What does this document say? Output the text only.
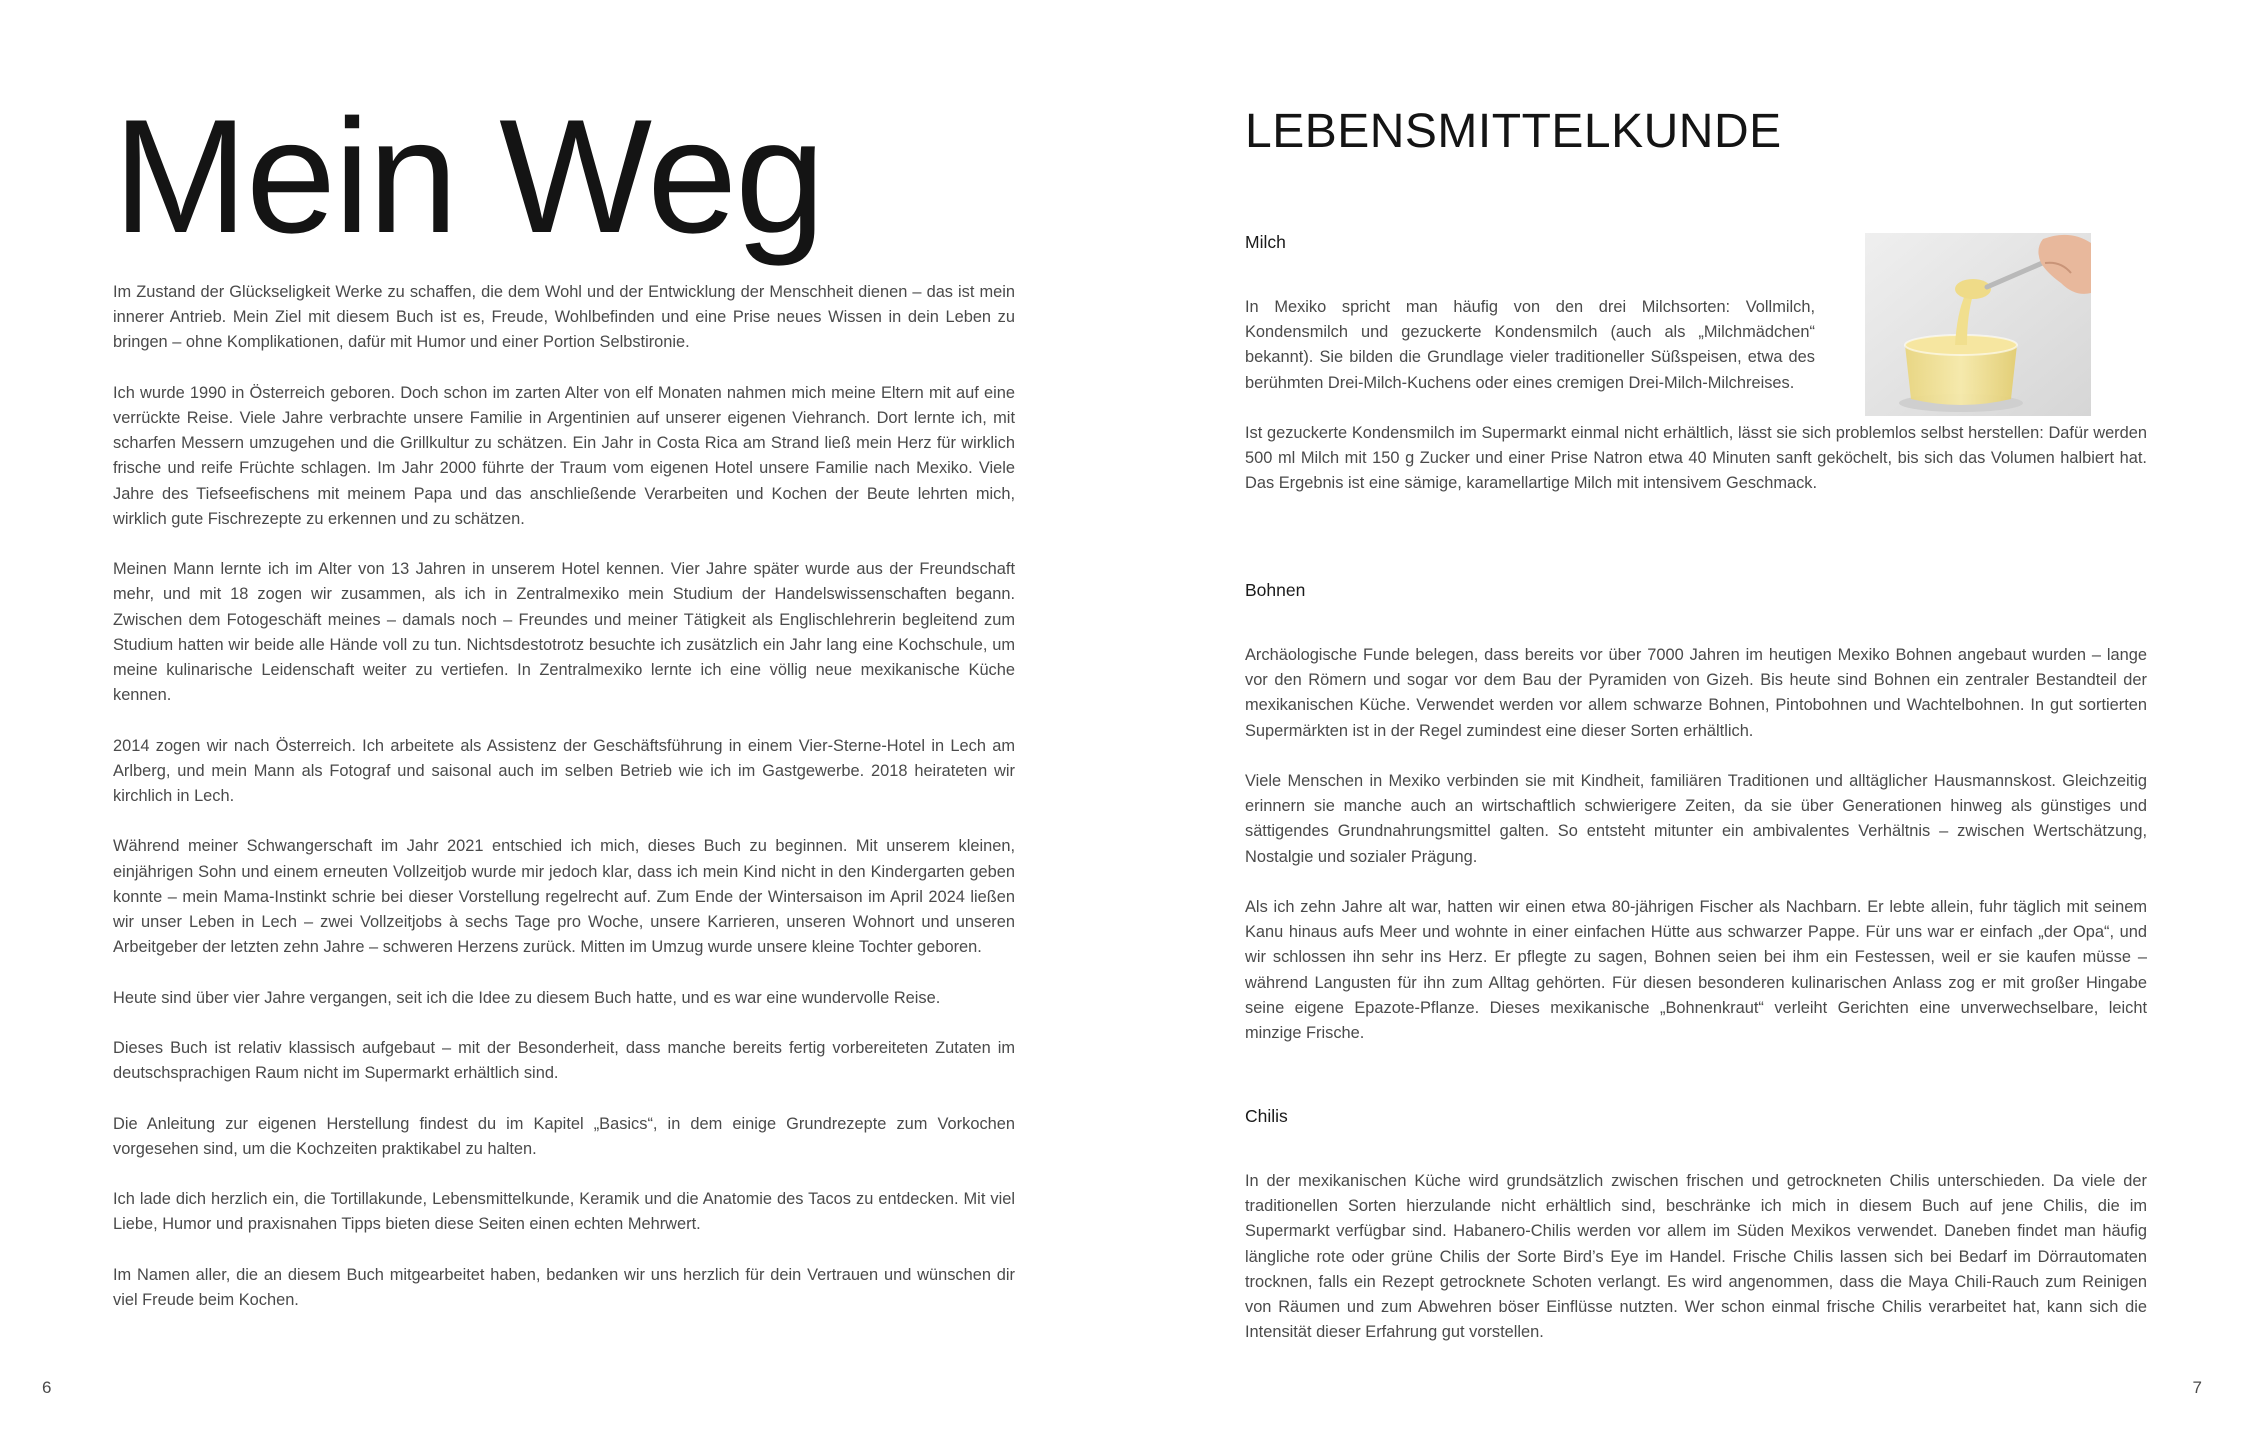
Mein Weg

Im Zustand der Glückseligkeit Werke zu schaffen, die dem Wohl und der Entwicklung der Menschheit dienen – das ist mein innerer Antrieb. Mein Ziel mit diesem Buch ist es, Freude, Wohlbefinden und eine Prise neues Wissen in dein Leben zu bringen – ohne Komplikationen, dafür mit Humor und einer Portion Selbstironie.

Ich wurde 1990 in Österreich geboren. Doch schon im zarten Alter von elf Monaten nahmen mich meine Eltern mit auf eine verrückte Reise. Viele Jahre verbrachte unsere Familie in Argentinien auf unserer eigenen Viehranch. Dort lernte ich, mit scharfen Messern umzugehen und die Grillkultur zu schätzen. Ein Jahr in Costa Rica am Strand ließ mein Herz für wirklich frische und reife Früchte schlagen. Im Jahr 2000 führte der Traum vom eigenen Hotel unsere Familie nach Mexiko. Viele Jahre des Tiefseefischens mit meinem Papa und das anschließende Verarbeiten und Kochen der Beute lehrten mich, wirklich gute Fischrezepte zu erkennen und zu schätzen.

Meinen Mann lernte ich im Alter von 13 Jahren in unserem Hotel kennen. Vier Jahre später wurde aus der Freundschaft mehr, und mit 18 zogen wir zusammen, als ich in Zentralmexiko mein Studium der Handelswissenschaften begann. Zwischen dem Fotogeschäft meines – damals noch – Freundes und meiner Tätigkeit als Englischlehrerin begleitend zum Studium hatten wir beide alle Hände voll zu tun. Nichtsdestotrotz besuchte ich zusätzlich ein Jahr lang eine Kochschule, um meine kulinarische Leidenschaft weiter zu vertiefen. In Zentralmexiko lernte ich eine völlig neue mexikanische Küche kennen.

2014 zogen wir nach Österreich. Ich arbeitete als Assistenz der Geschäftsführung in einem Vier-Sterne-Hotel in Lech am Arlberg, und mein Mann als Fotograf und saisonal auch im selben Betrieb wie ich im Gastgewerbe. 2018 heirateten wir kirchlich in Lech.

Während meiner Schwangerschaft im Jahr 2021 entschied ich mich, dieses Buch zu beginnen. Mit unserem kleinen, einjährigen Sohn und einem erneuten Vollzeitjob wurde mir jedoch klar, dass ich mein Kind nicht in den Kindergarten geben konnte – mein Mama-Instinkt schrie bei dieser Vorstellung regelrecht auf. Zum Ende der Wintersaison im April 2024 ließen wir unser Leben in Lech – zwei Vollzeitjobs à sechs Tage pro Woche, unsere Karrieren, unseren Wohnort und unseren Arbeitgeber der letzten zehn Jahre – schweren Herzens zurück. Mitten im Umzug wurde unsere kleine Tochter geboren.

Heute sind über vier Jahre vergangen, seit ich die Idee zu diesem Buch hatte, und es war eine wundervolle Reise.

Dieses Buch ist relativ klassisch aufgebaut – mit der Besonderheit, dass manche bereits fertig vorbereiteten Zutaten im deutschsprachigen Raum nicht im Supermarkt erhältlich sind.

Die Anleitung zur eigenen Herstellung findest du im Kapitel „Basics“, in dem einige Grundrezepte zum Vorkochen vorgesehen sind, um die Kochzeiten praktikabel zu halten.

Ich lade dich herzlich ein, die Tortillakunde, Lebensmittelkunde, Keramik und die Anatomie des Tacos zu entdecken. Mit viel Liebe, Humor und praxisnahen Tipps bieten diese Seiten einen echten Mehrwert.

Im Namen aller, die an diesem Buch mitgearbeitet haben, bedanken wir uns herzlich für dein Vertrauen und wünschen dir viel Freude beim Kochen.

6

LEBENSMITTELKUNDE
Milch

In Mexiko spricht man häufig von den drei Milchsorten: Vollmilch, Kondensmilch und gezuckerte Kondensmilch (auch als „Milchmädchen“ bekannt). Sie bilden die Grundlage vieler traditioneller Süßspeisen, etwa des berühmten Drei-Milch-Kuchens oder eines cremigen Drei-Milch-Milchreises.

Ist gezuckerte Kondensmilch im Supermarkt einmal nicht erhältlich, lässt sie sich problemlos selbst herstellen: Dafür werden 500 ml Milch mit 150 g Zucker und einer Prise Natron etwa 40 Minuten sanft geköchelt, bis sich das Volumen halbiert hat. Das Ergebnis ist eine sämige, karamellartige Milch mit intensivem Geschmack.

Bohnen

Archäologische Funde belegen, dass bereits vor über 7000 Jahren im heutigen Mexiko Bohnen angebaut wurden – lange vor den Römern und sogar vor dem Bau der Pyramiden von Gizeh. Bis heute sind Bohnen ein zentraler Bestandteil der mexikanischen Küche. Verwendet werden vor allem schwarze Bohnen, Pintobohnen und Wachtelbohnen. In gut sortierten Supermärkten ist in der Regel zumindest eine dieser Sorten erhältlich.

Viele Menschen in Mexiko verbinden sie mit Kindheit, familiären Traditionen und alltäglicher Hausmannskost. Gleichzeitig erinnern sie manche auch an wirtschaftlich schwierigere Zeiten, da sie über Generationen hinweg als günstiges und sättigendes Grundnahrungsmittel galten. So entsteht mitunter ein ambivalentes Verhältnis – zwischen Wertschätzung, Nostalgie und sozialer Prägung.

Als ich zehn Jahre alt war, hatten wir einen etwa 80-jährigen Fischer als Nachbarn. Er lebte allein, fuhr täglich mit seinem Kanu hinaus aufs Meer und wohnte in einer einfachen Hütte aus schwarzer Pappe. Für uns war er einfach „der Opa“, und wir schlossen ihn sehr ins Herz. Er pflegte zu sagen, Bohnen seien bei ihm ein Festessen, weil er sie kaufen müsse – während Langusten für ihn zum Alltag gehörten. Für diesen besonderen kulinarischen Anlass zog er mit großer Hingabe seine eigene Epazote-Pflanze. Dieses mexikanische „Bohnenkraut“ verleiht Gerichten eine unverwechselbare, leicht minzige Frische.

Chilis

In der mexikanischen Küche wird grundsätzlich zwischen frischen und getrockneten Chilis unterschieden. Da viele der traditionellen Sorten hierzulande nicht erhältlich sind, beschränke ich mich in diesem Buch auf jene Chilis, die im Supermarkt verfügbar sind. Habanero-Chilis werden vor allem im Süden Mexikos verwendet. Daneben findet man häufig längliche rote oder grüne Chilis der Sorte Bird’s Eye im Handel. Frische Chilis lassen sich bei Bedarf im Dörrautomaten trocknen, falls ein Rezept getrocknete Schoten verlangt. Es wird angenommen, dass die Maya Chili-Rauch zum Reinigen von Räumen und zum Abwehren böser Einflüsse nutzten. Wer schon einmal frische Chilis verarbeitet hat, kann sich die Intensität dieser Erfahrung gut vorstellen.

7
